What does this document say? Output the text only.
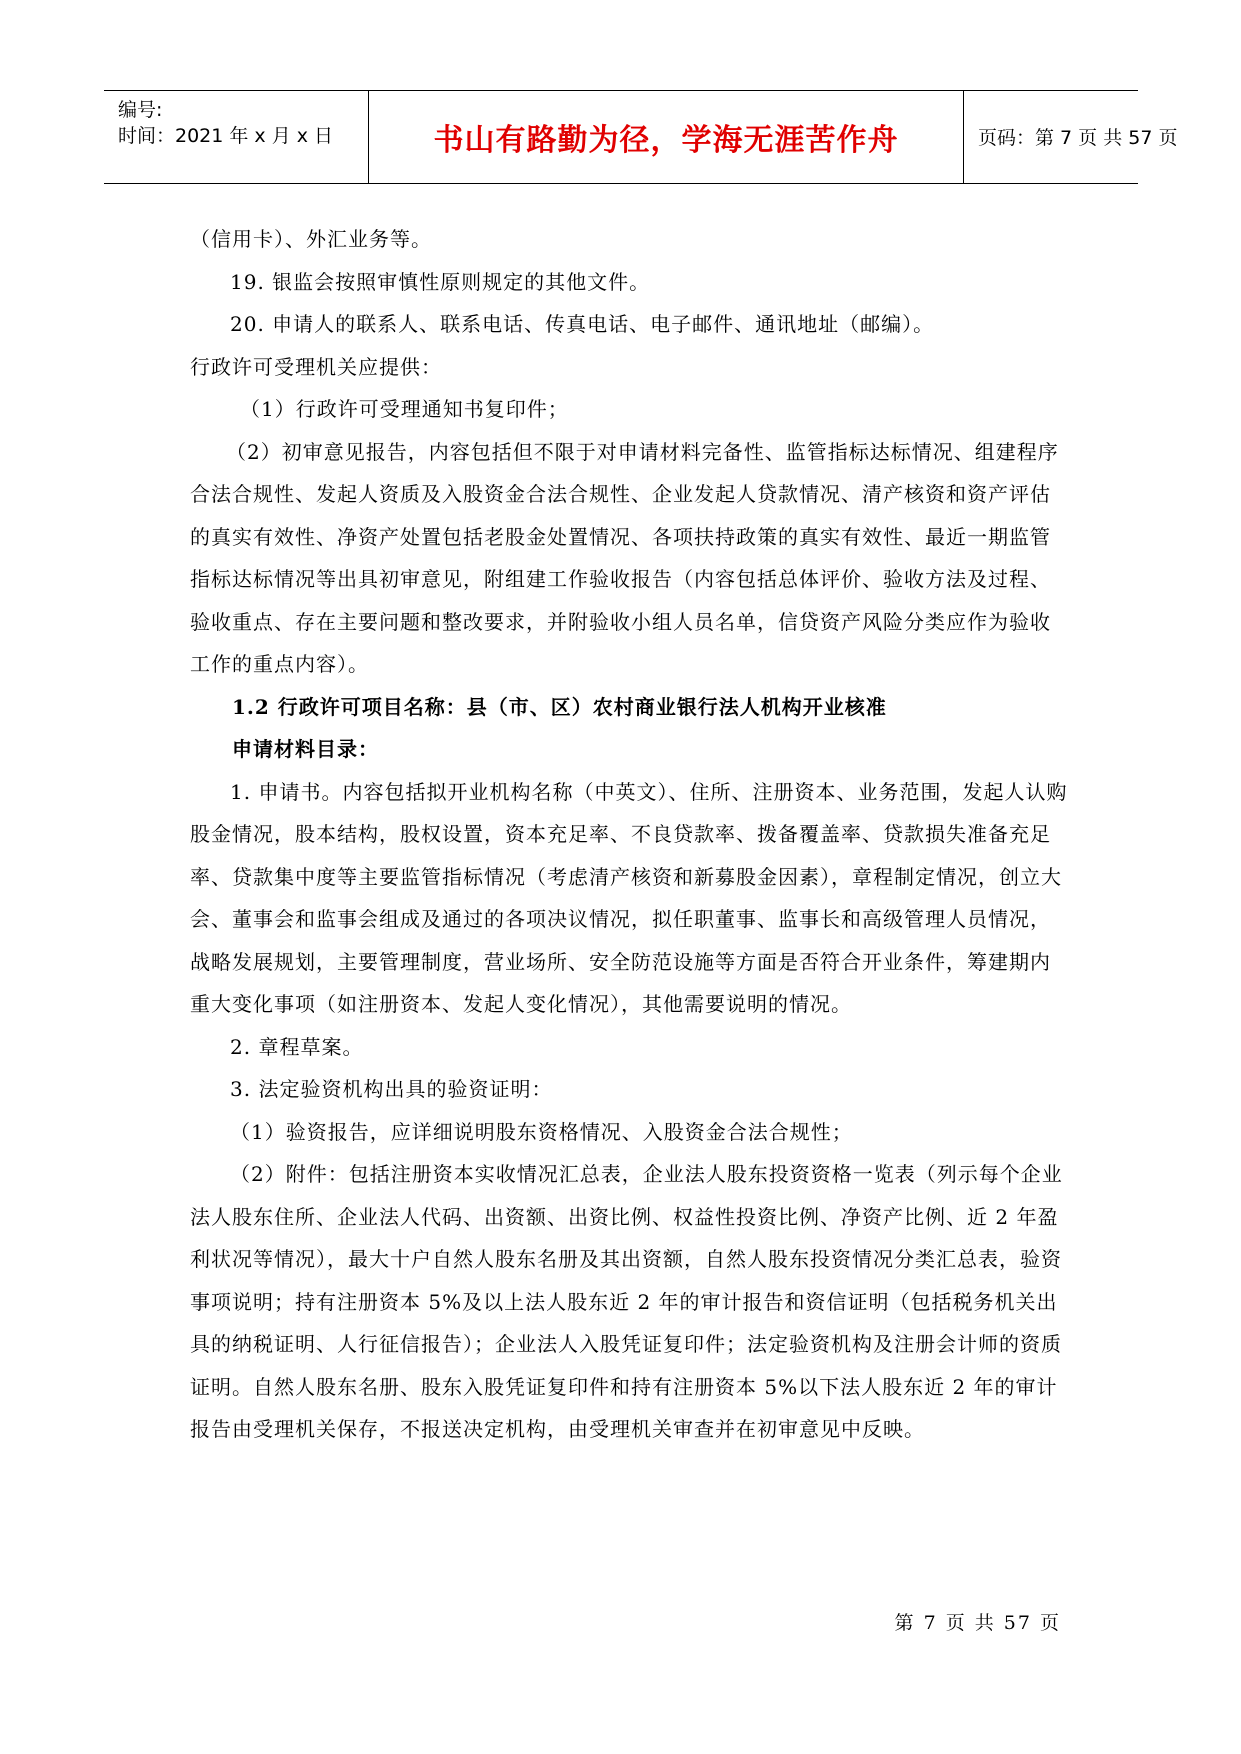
编号:
时间：2021 年 x 月 x 日	书山有路勤为径，学海无涯苦作舟	页码：第 7 页 共 57 页

（信用卡）、外汇业务等。

19. 银监会按照审慎性原则规定的其他文件。

20. 申请人的联系人、联系电话、传真电话、电子邮件、通讯地址（邮编）。

行政许可受理机关应提供：

（1）行政许可受理通知书复印件；

（2）初审意见报告，内容包括但不限于对申请材料完备性、监管指标达标情况、组建程序合法合规性、发起人资质及入股资金合法合规性、企业发起人贷款情况、清产核资和资产评估的真实有效性、净资产处置包括老股金处置情况、各项扶持政策的真实有效性、最近一期监管指标达标情况等出具初审意见，附组建工作验收报告（内容包括总体评价、验收方法及过程、验收重点、存在主要问题和整改要求，并附验收小组人员名单，信贷资产风险分类应作为验收工作的重点内容）。

1.2 行政许可项目名称：县（市、区）农村商业银行法人机构开业核准

申请材料目录：

1. 申请书。内容包括拟开业机构名称（中英文）、住所、注册资本、业务范围，发起人认购股金情况，股本结构，股权设置，资本充足率、不良贷款率、拨备覆盖率、贷款损失准备充足率、贷款集中度等主要监管指标情况（考虑清产核资和新募股金因素），章程制定情况，创立大会、董事会和监事会组成及通过的各项决议情况，拟任职董事、监事长和高级管理人员情况，战略发展规划，主要管理制度，营业场所、安全防范设施等方面是否符合开业条件，筹建期内重大变化事项（如注册资本、发起人变化情况），其他需要说明的情况。

2. 章程草案。

3. 法定验资机构出具的验资证明：

（1）验资报告，应详细说明股东资格情况、入股资金合法合规性；

（2）附件：包括注册资本实收情况汇总表，企业法人股东投资资格一览表（列示每个企业法人股东住所、企业法人代码、出资额、出资比例、权益性投资比例、净资产比例、近 2 年盈利状况等情况），最大十户自然人股东名册及其出资额，自然人股东投资情况分类汇总表，验资事项说明；持有注册资本 5%及以上法人股东近 2 年的审计报告和资信证明（包括税务机关出具的纳税证明、人行征信报告）；企业法人入股凭证复印件；法定验资机构及注册会计师的资质证明。自然人股东名册、股东入股凭证复印件和持有注册资本 5%以下法人股东近 2 年的审计报告由受理机关保存，不报送决定机构，由受理机关审查并在初审意见中反映。

第 7 页 共 57 页
